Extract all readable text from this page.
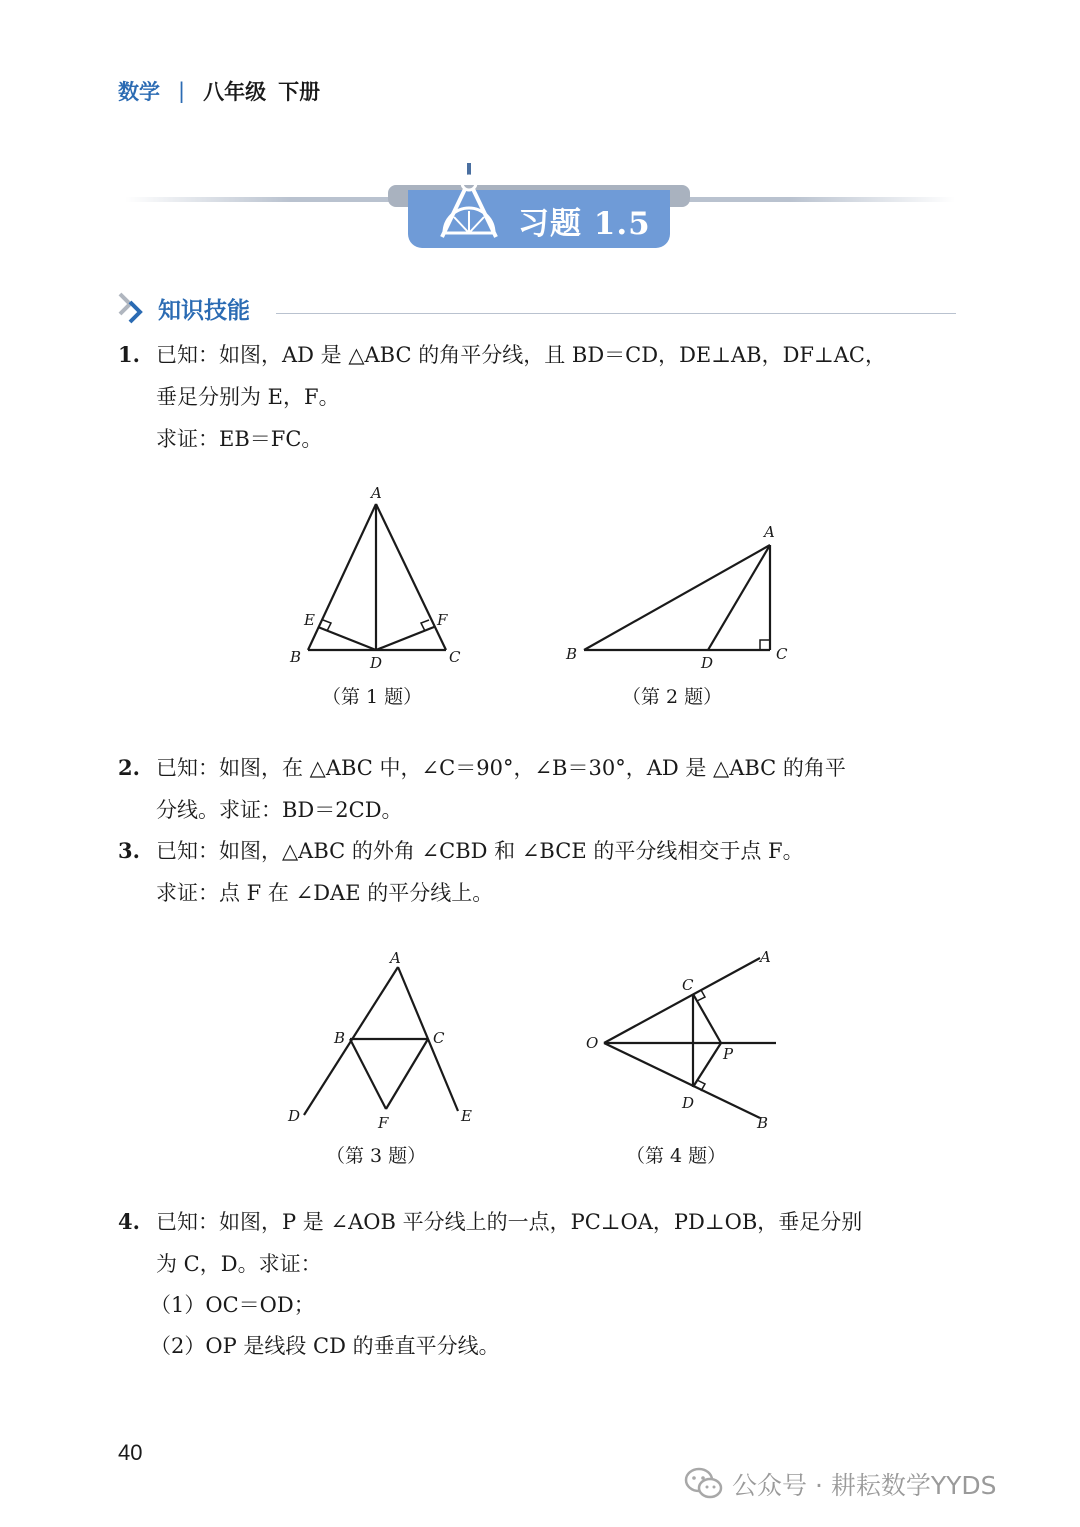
数学 | 八年级 下册
习题 1.5
知识技能
1. 已知：如图，AD 是 △ABC 的角平分线，且 BD＝CD，DE⊥AB，DF⊥AC，
垂足分别为 E，F。
求证：EB＝FC。
A
B	C
D
E	F
（第 1 题）
A
B	C
D
（第 2 题）
2. 已知：如图，在 △ABC 中，∠C＝90°，∠B＝30°，AD 是 △ABC 的角平
分线。求证：BD＝2CD。
3. 已知：如图，△ABC 的外角 ∠CBD 和 ∠BCE 的平分线相交于点 F。
求证：点 F 在 ∠DAE 的平分线上。
A
B	C
D	E
F
（第 3 题）
A
B
C
D
O
P
（第 4 题）
4. 已知：如图，P 是 ∠AOB 平分线上的一点，PC⊥OA，PD⊥OB，垂足分别
为 C，D。求证：
（1）OC＝OD；
（2）OP 是线段 CD 的垂直平分线。
40
公众号 · 耕耘数学YYDS
